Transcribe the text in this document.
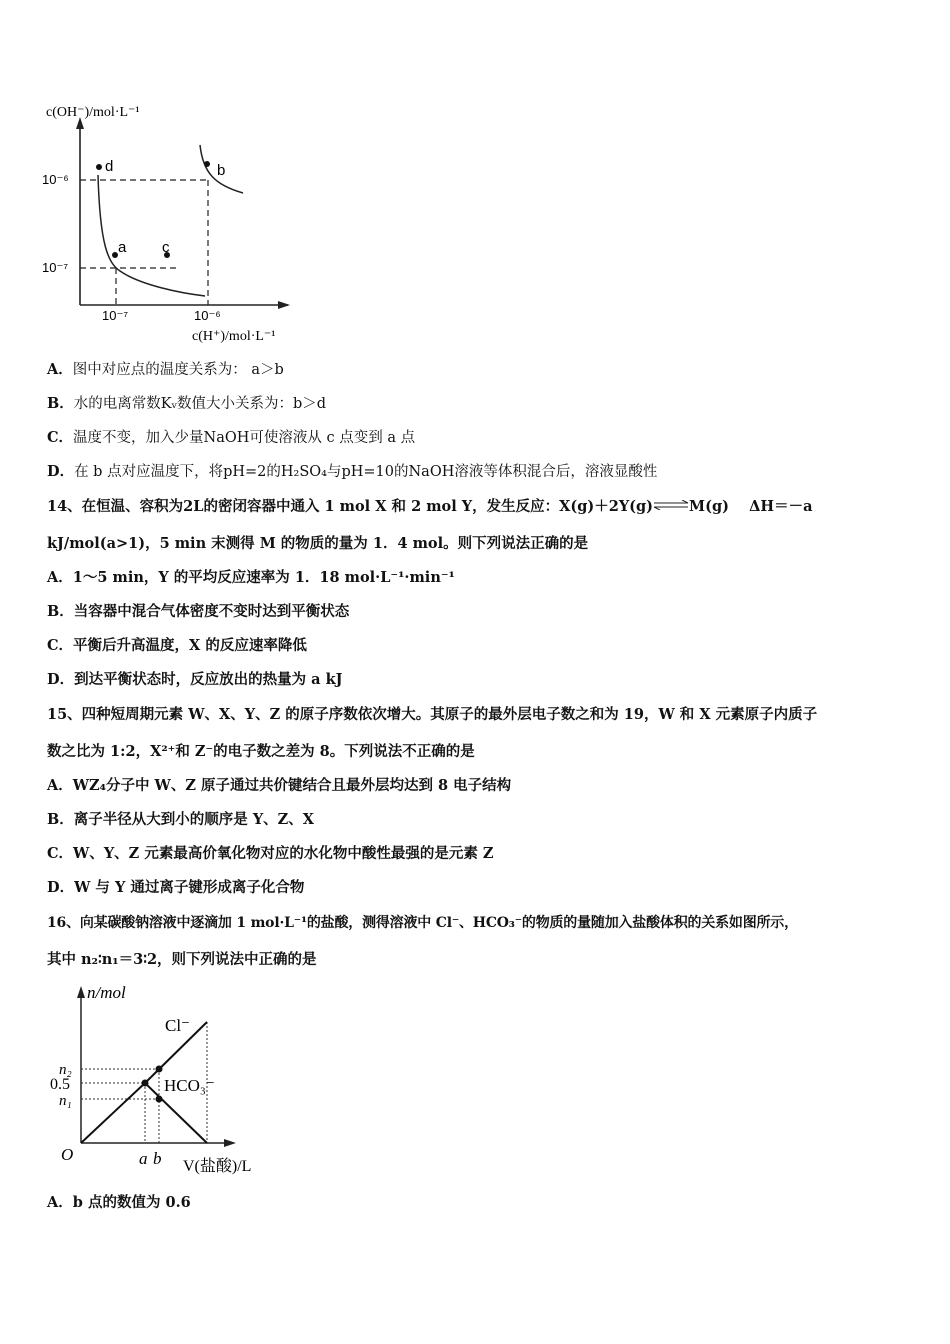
d
a c
b
10⁻⁶
10⁻⁷
10⁻⁷	10⁻⁶
c(OH⁻)/mol·L⁻¹
c(H⁺)/mol·L⁻¹
A．图中对应点的温度关系为： a＞b
B．水的电离常数Kᵥ数值大小关系为：b＞d
C．温度不变，加入少量NaOH可使溶液从 c 点变到 a 点
D．在 b 点对应温度下，将pH=2的H₂SO₄与pH=10的NaOH溶液等体积混合后，溶液显酸性
14、在恒温、容积为2L的密闭容器中通入 1 mol X 和 2 mol Y，发生反应：X(g)＋2Y(g)⇌M(g) ΔH＝－a
kJ/mol(a>1)，5 min 末测得 M 的物质的量为 1．4 mol。则下列说法正确的是
A．1～5 min，Y 的平均反应速率为 1．18 mol·L⁻¹·min⁻¹
B．当容器中混合气体密度不变时达到平衡状态
C．平衡后升高温度，X 的反应速率降低
D．到达平衡状态时，反应放出的热量为 a kJ
15、四种短周期元素 W、X、Y、Z 的原子序数依次增大。其原子的最外层电子数之和为 19，W 和 X 元素原子内质子
数之比为 1:2，X²⁺和 Z⁻的电子数之差为 8。下列说法不正确的是
A．WZ₄分子中 W、Z 原子通过共价键结合且最外层均达到 8 电子结构
B．离子半径从大到小的顺序是 Y、Z、X
C．W、Y、Z 元素最高价氧化物对应的水化物中酸性最强的是元素 Z
D．W 与 Y 通过离子键形成离子化合物
16、向某碳酸钠溶液中逐滴加 1 mol·L⁻¹的盐酸，测得溶液中 Cl⁻、HCO₃⁻的物质的量随加入盐酸体积的关系如图所示，
其中 n₂∶n₁＝3∶2，则下列说法中正确的是
n/mol
V(盐酸)/L
O
n₂
0.5
n₁
a b
Cl⁻
HCO₃⁻
A．b 点的数值为 0.6
